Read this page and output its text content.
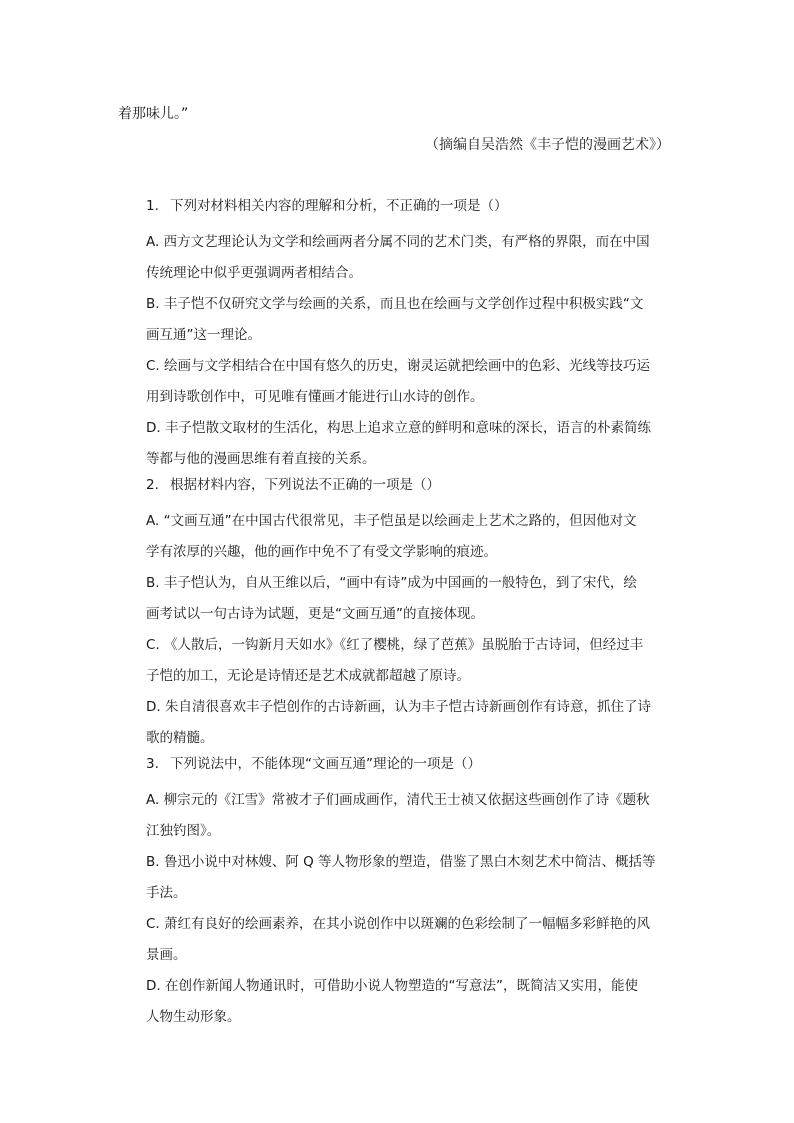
着那味儿。”
（摘编自吴浩然《丰子恺的漫画艺术》）
1. 下列对材料相关内容的理解和分析，不正确的一项是（）
A. 西方文艺理论认为文学和绘画两者分属不同的艺术门类，有严格的界限，而在中国
传统理论中似乎更强调两者相结合。
B. 丰子恺不仅研究文学与绘画的关系，而且也在绘画与文学创作过程中积极实践“文
画互通”这一理论。
C. 绘画与文学相结合在中国有悠久的历史，谢灵运就把绘画中的色彩、光线等技巧运
用到诗歌创作中，可见唯有懂画才能进行山水诗的创作。
D. 丰子恺散文取材的生活化，构思上追求立意的鲜明和意味的深长，语言的朴素简练
等都与他的漫画思维有着直接的关系。
2. 根据材料内容，下列说法不正确的一项是（）
A. “文画互通”在中国古代很常见，丰子恺虽是以绘画走上艺术之路的，但因他对文
学有浓厚的兴趣，他的画作中免不了有受文学影响的痕迹。
B. 丰子恺认为，自从王维以后，“画中有诗”成为中国画的一般特色，到了宋代，绘
画考试以一句古诗为试题，更是“文画互通”的直接体现。
C. 《人散后，一钩新月天如水》《红了樱桃，绿了芭蕉》虽脱胎于古诗词，但经过丰
子恺的加工，无论是诗情还是艺术成就都超越了原诗。
D. 朱自清很喜欢丰子恺创作的古诗新画，认为丰子恺古诗新画创作有诗意，抓住了诗
歌的精髓。
3. 下列说法中，不能体现“文画互通”理论的一项是（）
A. 柳宗元的《江雪》常被才子们画成画作，清代王士祯又依据这些画创作了诗《题秋
江独钓图》。
B. 鲁迅小说中对林嫂、阿 Q 等人物形象的塑造，借鉴了黑白木刻艺术中简洁、概括等
手法。
C. 萧红有良好的绘画素养，在其小说创作中以斑斓的色彩绘制了一幅幅多彩鲜艳的风
景画。
D. 在创作新闻人物通讯时，可借助小说人物塑造的“写意法”，既简洁又实用，能使
人物生动形象。
